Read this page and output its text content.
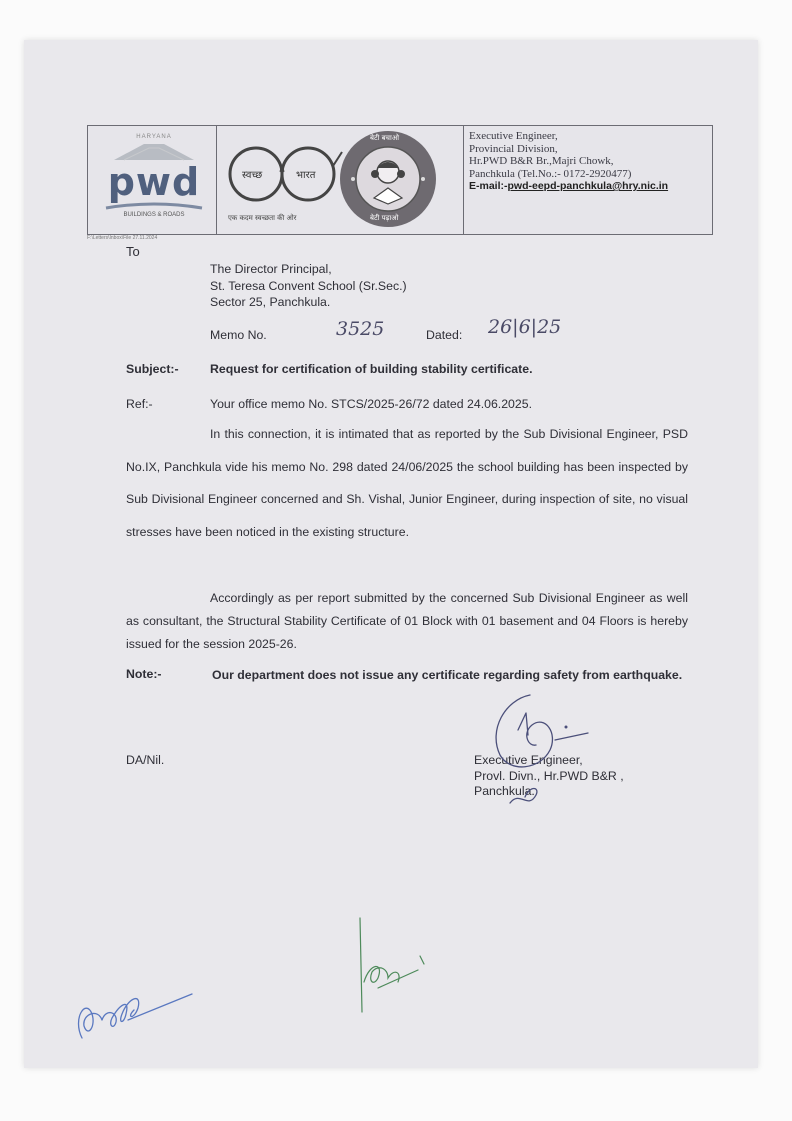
HARYANA
pwd
BUILDINGS & ROADS
स्वच्छ	भारत
एक कदम स्वच्छता की ओर
बेटी बचाओ
बेटी पढ़ाओ
Executive Engineer,
Provincial Division,
Hr.PWD B&R Br.,Majri Chowk,
Panchkula (Tel.No.:- 0172-2920477)
E-mail:-pwd-eepd-panchkula@hry.nic.in
F:\Letters\Inbox\File 27.11.2024
To
The Director Principal,
St. Teresa Convent School (Sr.Sec.)
Sector 25, Panchkula.
Memo No.	3525	Dated: 26|6|25
Subject:-	Request for certification of building stability certificate.
Ref:-	Your office memo No. STCS/2025-26/72 dated 24.06.2025.

In this connection, it is intimated that as reported by the Sub Divisional Engineer, PSD No.IX, Panchkula vide his memo No. 298 dated 24/06/2025 the school building has been inspected by Sub Divisional Engineer concerned and Sh. Vishal, Junior Engineer, during inspection of site, no visual stresses have been noticed in the existing structure.

Accordingly as per report submitted by the concerned Sub Divisional Engineer as well as consultant, the Structural Stability Certificate of 01 Block with 01 basement and 04 Floors is hereby issued for the session 2025-26.

Note:-	Our department does not issue any certificate regarding safety from earthquake.
DA/Nil.	Executive Engineer,
Provl. Divn., Hr.PWD B&R ,
Panchkula.
